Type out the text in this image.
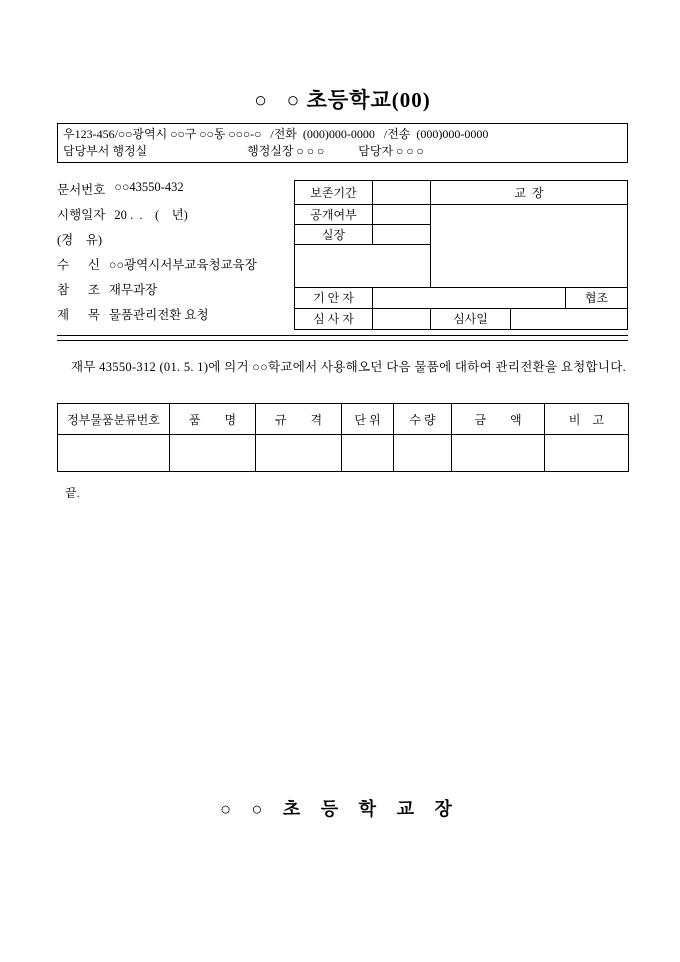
○   ○ 초등학교(00)
우123-456/○○광역시 ○○구 ○○동 ○○○-○   /전화  (000)000-0000   /전송  (000)000-0000
담당부서 행정실	행정실장 ○ ○ ○	담당자 ○ ○ ○
문서번호 ○○43550-432
시행일자 20 .  .    (    년)
(경    유)
수      신 ○○광역시서부교육청교육장
참      조 재무과장
제      목 물품관리전환 요청
보존기간		교  장		
공개여부				
실장				

기 안 자				협조
심 사 자		심사일		
재무 43550-312 (01. 5. 1)에 의거 ○○학교에서 사용해오던 다음 물품에 대하여 관리전환을 요청합니다.
정부물품분류번호	품        명	규        격	단 위	수 량	금        액	비    고

끝.
○ ○ 초 등 학 교 장
